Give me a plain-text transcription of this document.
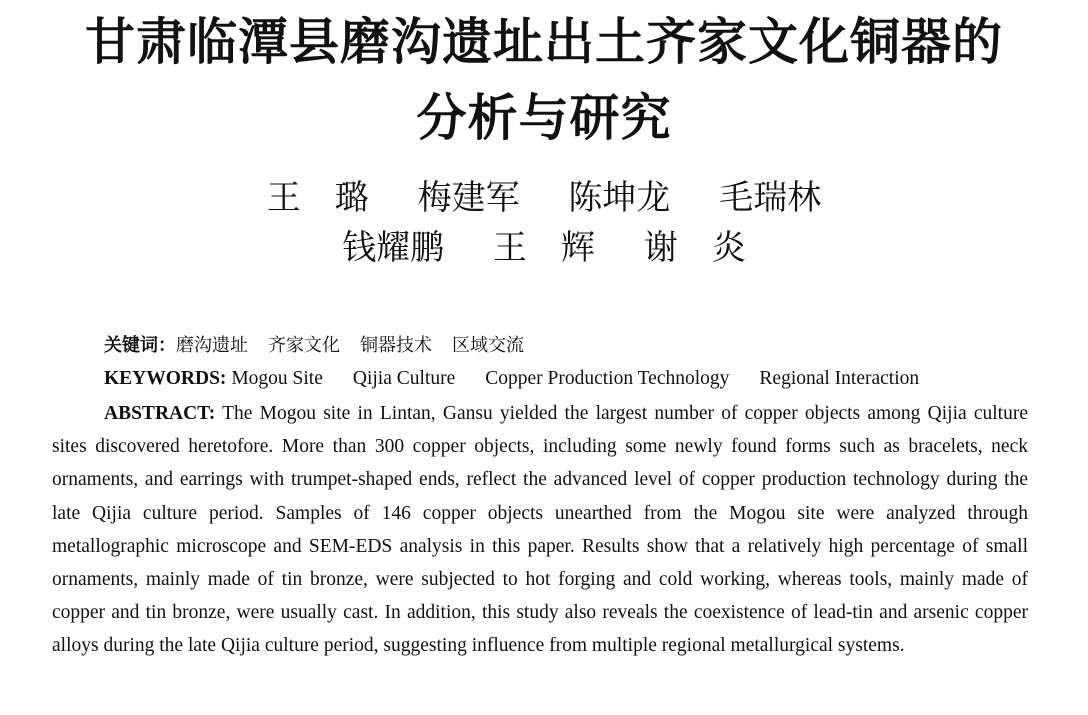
甘肃临潭县磨沟遗址出土齐家文化铜器的
分析与研究
王　璐 梅建军 陈坤龙 毛瑞林
钱耀鹏 王　辉 谢　炎
关键词：磨沟遗址 齐家文化 铜器技术 区域交流
KEYWORDS: Mogou Site Qijia Culture Copper Production Technology Regional Interaction
ABSTRACT: The Mogou site in Lintan, Gansu yielded the largest number of copper objects among Qijia culture sites discovered heretofore. More than 300 copper objects, including some newly found forms such as bracelets, neck ornaments, and earrings with trumpet-shaped ends, reflect the advanced level of copper production technology during the late Qijia culture period. Samples of 146 copper objects unearthed from the Mogou site were analyzed through metallographic microscope and SEM-EDS analysis in this paper. Results show that a relatively high percentage of small ornaments, mainly made of tin bronze, were subjected to hot forging and cold working, whereas tools, mainly made of copper and tin bronze, were usually cast. In addition, this study also reveals the coexistence of lead-tin and arsenic copper alloys during the late Qijia culture period, suggesting influence from multiple regional metallurgical systems.
